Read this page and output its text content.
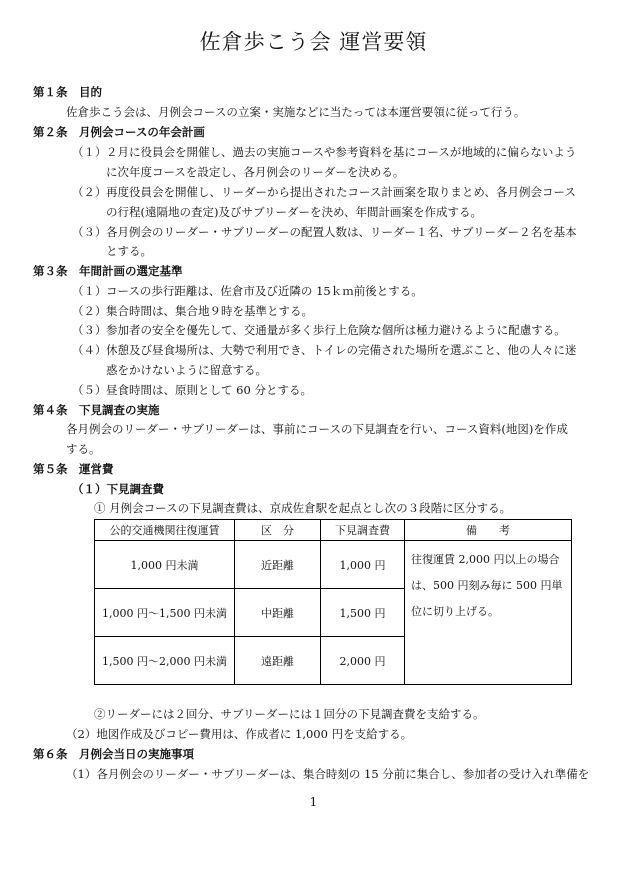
佐倉歩こう会 運営要領
第１条　目的
佐倉歩こう会は、月例会コースの立案・実施などに当たっては本運営要領に従って行う。
第２条　月例会コースの年会計画
（１） ２月に役員会を開催し、過去の実施コースや参考資料を基にコースが地域的に偏らないよう
に次年度コースを設定し、各月例会のリーダーを決める。
（２） 再度役員会を開催し、リーダーから提出されたコース計画案を取りまとめ、各月例会コース
の行程(遠隔地の査定)及びサブリーダーを決め、年間計画案を作成する。
（３） 各月例会のリーダー・サブリーダーの配置人数は、リーダー１名、サブリーダー２名を基本
とする。
第３条　年間計画の選定基準
（１） コースの歩行距離は、佐倉市及び近隣の 15ｋｍ前後とする。
（２） 集合時間は、集合地９時を基準とする。
（３） 参加者の安全を優先して、交通量が多く歩行上危険な個所は極力避けるように配慮する。
（４） 休憩及び昼食場所は、大勢で利用でき、トイレの完備された場所を選ぶこと、他の人々に迷
惑をかけないように留意する。
（５） 昼食時間は、原則として 60 分とする。
第４条　下見調査の実施
各月例会のリーダー・サブリーダーは、事前にコースの下見調査を行い、コース資料(地図)を作成
する。
第５条　運営費
（１）下見調査費
① 月例会コースの下見調査費は、京成佐倉駅を起点とし次の３段階に区分する。
公的交通機関往復運賃	区　分	下見調査費	備　　考
1,000 円未満	近距離	1,000 円	往復運賃 2,000 円以上の場合は、500 円刻み毎に 500 円単位に切り上げる。
1,000 円～1,500 円未満	中距離	1,500 円	
1,500 円～2,000 円未満	遠距離	2,000 円	
②リーダーには２回分、サブリーダーには１回分の下見調査費を支給する。
（2）地図作成及びコピー費用は、作成者に 1,000 円を支給する。
第６条　月例会当日の実施事項
（1）各月例会のリーダー・サブリーダーは、集合時刻の 15 分前に集合し、参加者の受け入れ準備を
1
